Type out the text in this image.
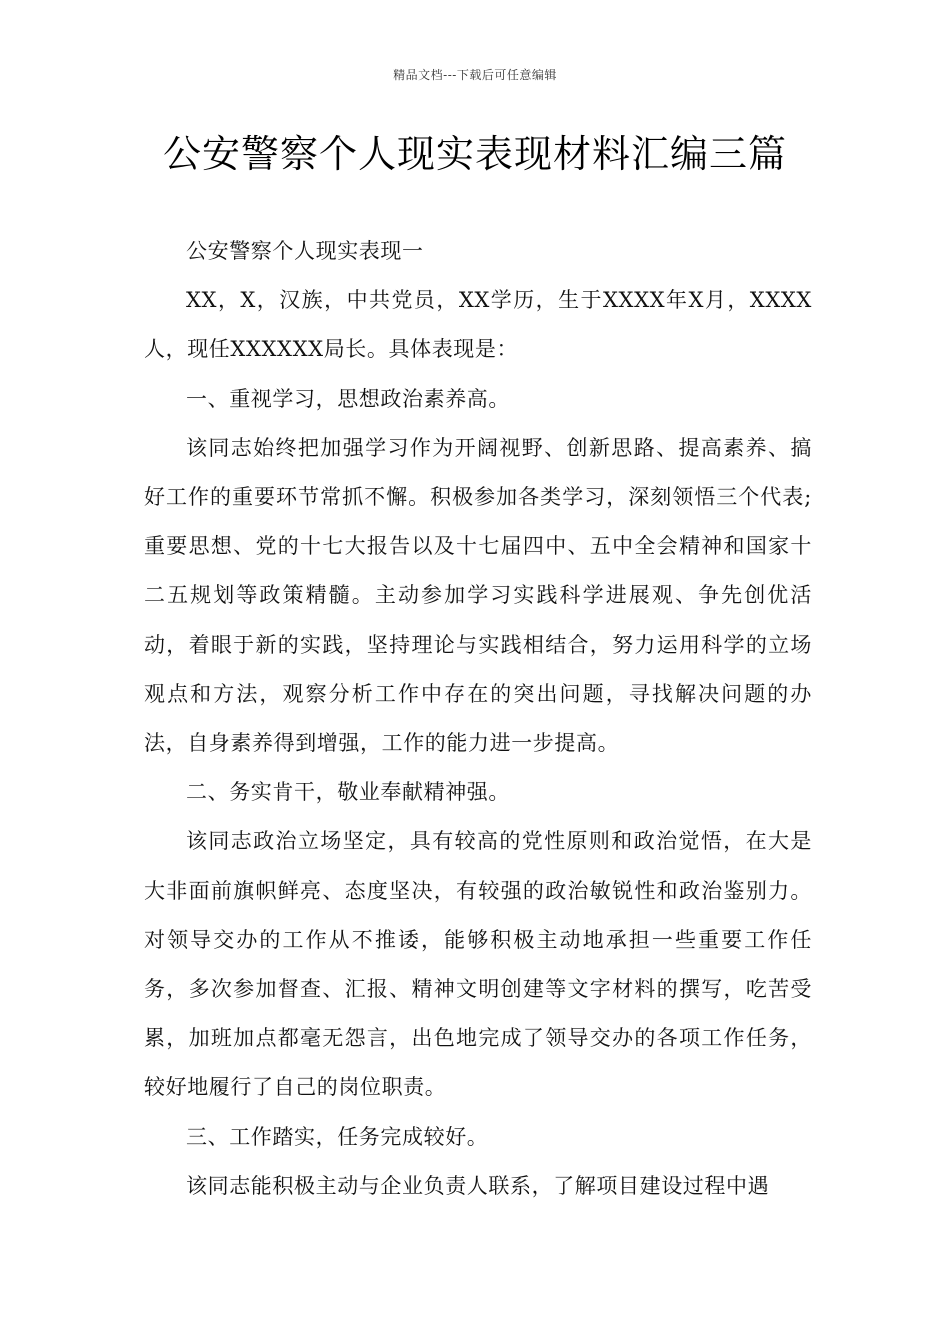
精品文档---下载后可任意编辑
公安警察个人现实表现材料汇编三篇

公安警察个人现实表现一

XX，X，汉族，中共党员，XX学历，生于XXXX年X月，XXXX人，现任XXXXXX局长。具体表现是：

一、重视学习，思想政治素养高。

该同志始终把加强学习作为开阔视野、创新思路、提高素养、搞好工作的重要环节常抓不懈。积极参加各类学习，深刻领悟三个代表;重要思想、党的十七大报告以及十七届四中、五中全会精神和国家十二五规划等政策精髓。主动参加学习实践科学进展观、争先创优活动，着眼于新的实践，坚持理论与实践相结合，努力运用科学的立场观点和方法，观察分析工作中存在的突出问题，寻找解决问题的办法，自身素养得到增强，工作的能力进一步提高。

二、务实肯干，敬业奉献精神强。

该同志政治立场坚定，具有较高的党性原则和政治觉悟，在大是大非面前旗帜鲜亮、态度坚决，有较强的政治敏锐性和政治鉴别力。对领导交办的工作从不推诿，能够积极主动地承担一些重要工作任务，多次参加督查、汇报、精神文明创建等文字材料的撰写，吃苦受累，加班加点都毫无怨言，出色地完成了领导交办的各项工作任务，较好地履行了自己的岗位职责。

三、工作踏实，任务完成较好。

该同志能积极主动与企业负责人联系，了解项目建设过程中遇
